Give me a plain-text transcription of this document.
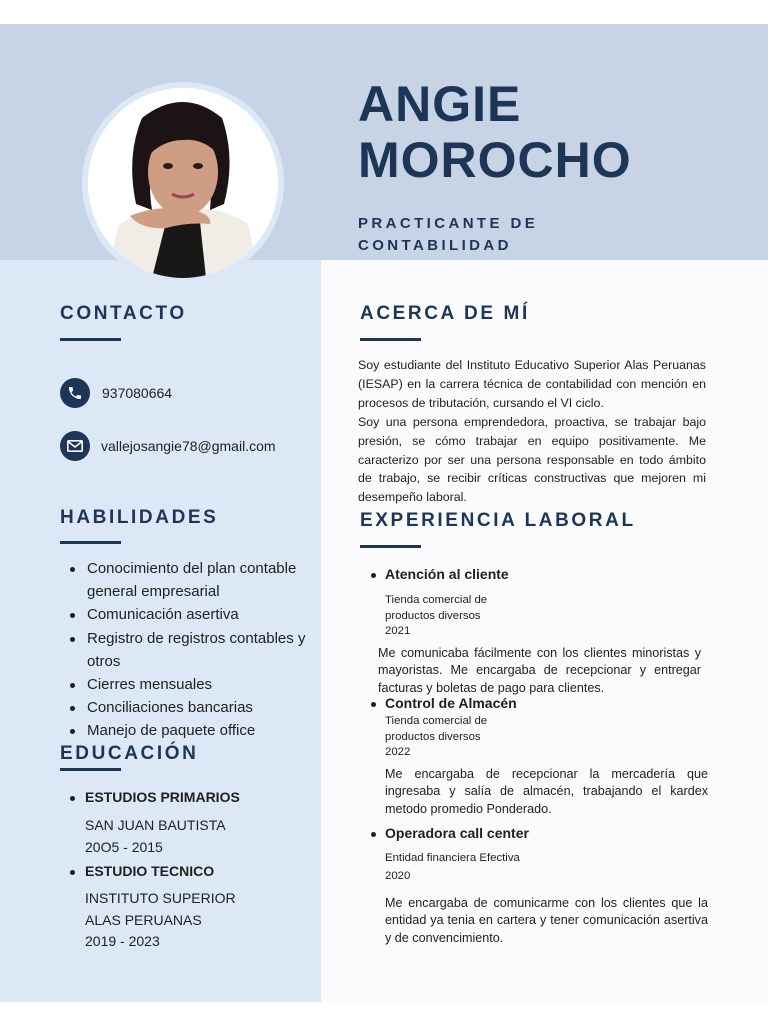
ANGIE
MOROCHO

PRACTICANTE DE
CONTABILIDAD

CONTACTO
937080664
vallejosangie78@gmail.com
HABILIDADES
Conocimiento del plan contable general empresarial
Comunicación asertiva
Registro de registros contables y otros
Cierres mensuales
Conciliaciones bancarias
Manejo de paquete office
EDUCACIÓN
ESTUDIOS PRIMARIOS
SAN JUAN BAUTISTA
20O5 - 2015
ESTUDIO TECNICO
INSTITUTO SUPERIOR
ALAS PERUANAS
2019 - 2023
ACERCA DE MÍ

Soy estudiante del Instituto Educativo Superior Alas Peruanas (IESAP) en la carrera técnica de contabilidad con mención en procesos de tributación, cursando el VI ciclo.

Soy una persona emprendedora, proactiva, se trabajar bajo presión, se cómo trabajar en equipo positivamente. Me caracterizo por ser una persona responsable en todo ámbito de trabajo, se recibir críticas constructivas que mejoren mi desempeño laboral.

EXPERIENCIA LABORAL
Atención al cliente
Tienda comercial de
productos diversos
2021
Me comunicaba fácilmente con los clientes minoristas y mayoristas. Me encargaba de recepcionar y entregar facturas y boletas de pago para clientes.
Control de Almacén
Tienda comercial de
productos diversos
2022
Me encargaba de recepcionar la mercadería que ingresaba y salía de almacén, trabajando el kardex metodo promedio Ponderado.
Operadora call center
Entidad financiera Efectiva
2020
Me encargaba de comunicarme con los clientes que la entidad ya tenia en cartera y tener comunicación asertiva y de convencimiento.
